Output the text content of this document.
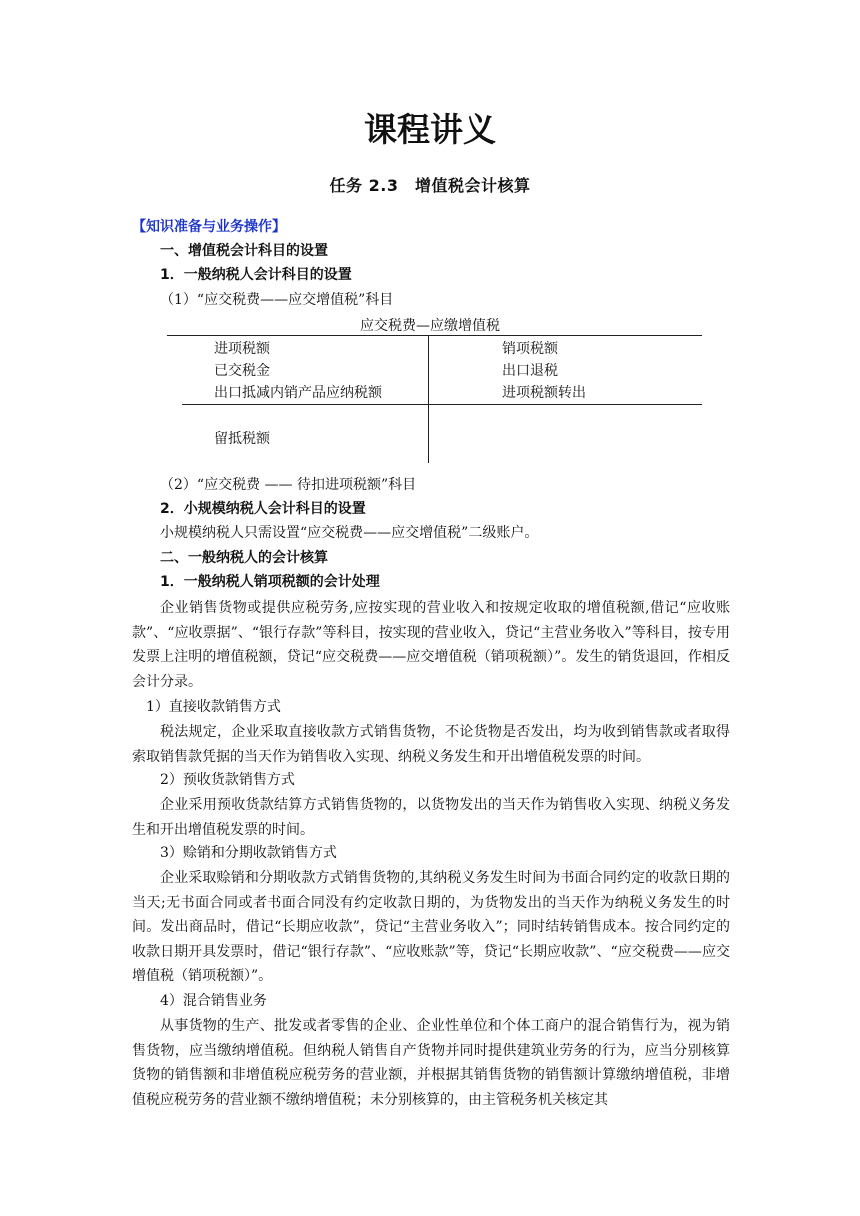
课程讲义
任务 2.3　增值税会计核算
【知识准备与业务操作】
一、增值税会计科目的设置
1．一般纳税人会计科目的设置
（1）“应交税费——应交增值税”科目
应交税费—应缴增值税
进项税额
已交税金
出口抵减内销产品应纳税额
销项税额
出口退税
进项税额转出
留抵税额
（2）“应交税费 —— 待扣进项税额”科目
2．小规模纳税人会计科目的设置
小规模纳税人只需设置“应交税费——应交增值税”二级账户。
二、一般纳税人的会计核算
1．一般纳税人销项税额的会计处理
企业销售货物或提供应税劳务,应按实现的营业收入和按规定收取的增值税额,借记“应收账款”、“应收票据”、“银行存款”等科目，按实现的营业收入，贷记“主营业务收入”等科目，按专用发票上注明的增值税额，贷记“应交税费——应交增值税（销项税额）”。发生的销货退回，作相反会计分录。
1）直接收款销售方式
税法规定，企业采取直接收款方式销售货物，不论货物是否发出，均为收到销售款或者取得索取销售款凭据的当天作为销售收入实现、纳税义务发生和开出增值税发票的时间。
2）预收货款销售方式
企业采用预收货款结算方式销售货物的，以货物发出的当天作为销售收入实现、纳税义务发生和开出增值税发票的时间。
3）赊销和分期收款销售方式
企业采取赊销和分期收款方式销售货物的,其纳税义务发生时间为书面合同约定的收款日期的当天;无书面合同或者书面合同没有约定收款日期的，为货物发出的当天作为纳税义务发生的时间。发出商品时，借记“长期应收款”，贷记“主营业务收入”；同时结转销售成本。按合同约定的收款日期开具发票时，借记“银行存款”、“应收账款”等，贷记“长期应收款”、“应交税费——应交增值税（销项税额）”。
4）混合销售业务
从事货物的生产、批发或者零售的企业、企业性单位和个体工商户的混合销售行为，视为销售货物，应当缴纳增值税。但纳税人销售自产货物并同时提供建筑业劳务的行为，应当分别核算货物的销售额和非增值税应税劳务的营业额，并根据其销售货物的销售额计算缴纳增值税，非增值税应税劳务的营业额不缴纳增值税；未分别核算的，由主管税务机关核定其
